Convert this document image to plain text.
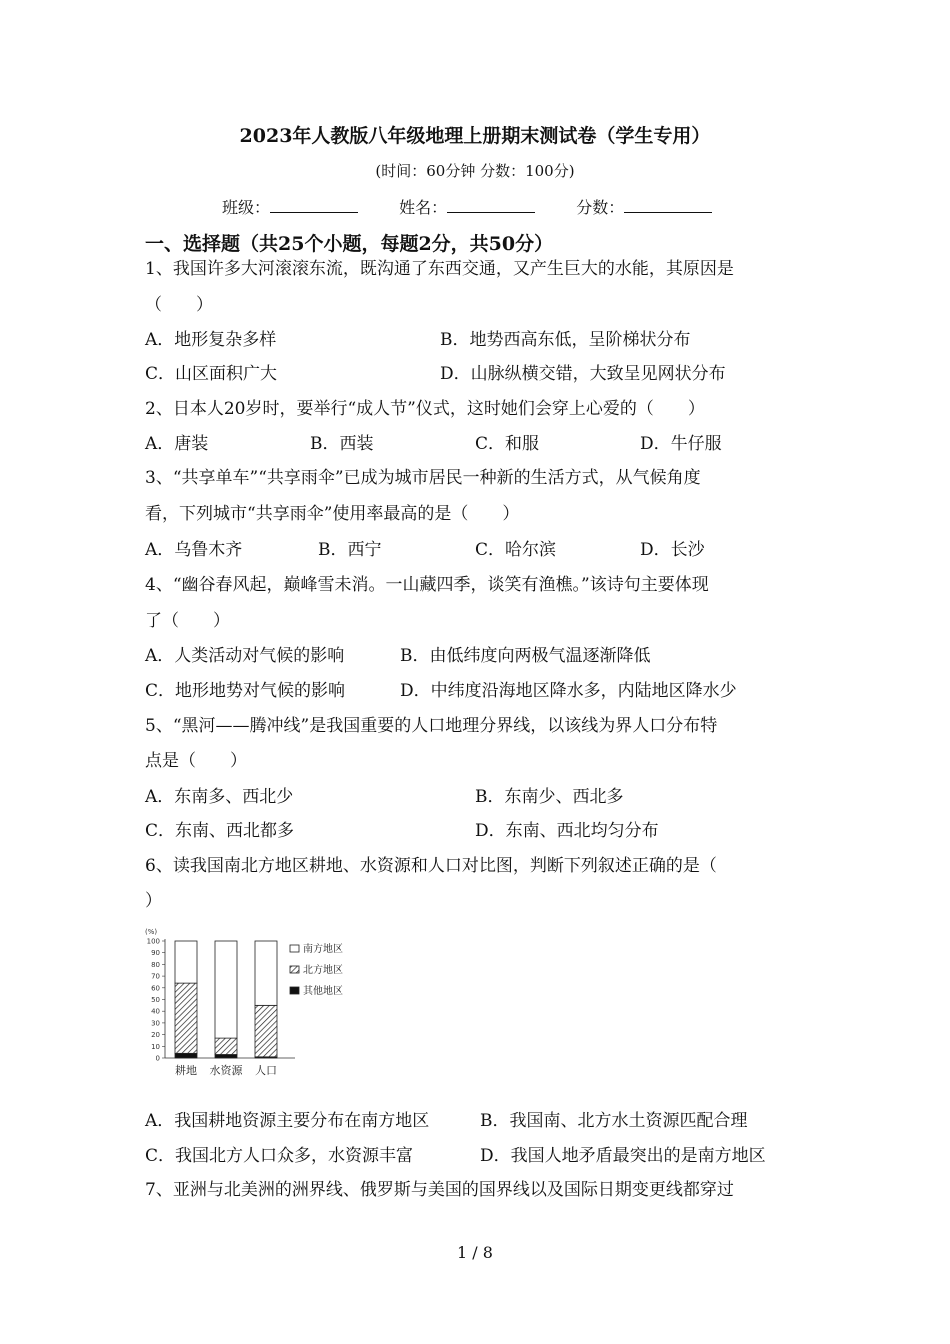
2023年人教版八年级地理上册期末测试卷（学生专用）
(时间：60分钟 分数：100分)
班级：	姓名：	分数：
一、选择题（共25个小题，每题2分，共50分）
1、我国许多大河滚滚东流，既沟通了东西交通，又产生巨大的水能，其原因是
（　　）
A．地形复杂多样	B．地势西高东低，呈阶梯状分布
C．山区面积广大	D．山脉纵横交错，大致呈见网状分布
2、日本人20岁时，要举行“成人节”仪式，这时她们会穿上心爱的（　　）
A．唐装	B．西装	C．和服	D．牛仔服
3、“共享单车”“共享雨伞”已成为城市居民一种新的生活方式，从气候角度
看，下列城市“共享雨伞”使用率最高的是（　　）
A．乌鲁木齐	B．西宁	C．哈尔滨	D．长沙
4、“幽谷春风起，巅峰雪未消。一山藏四季，谈笑有渔樵。”该诗句主要体现
了（　　）
A．人类活动对气候的影响	B．由低纬度向两极气温逐渐降低
C．地形地势对气候的影响	D．中纬度沿海地区降水多，内陆地区降水少
5、“黑河——腾冲线”是我国重要的人口地理分界线，以该线为界人口分布特
点是（　　）
A．东南多、西北少	B．东南少、西北多
C．东南、西北都多	D．东南、西北均匀分布
6、读我国南北方地区耕地、水资源和人口对比图，判断下列叙述正确的是（
）
(%)
0
10
20
30
40
50
60
70
80
90
100
耕地 水资源 人口
南方地区
北方地区
其他地区
A．我国耕地资源主要分布在南方地区	B．我国南、北方水土资源匹配合理
C．我国北方人口众多，水资源丰富	D．我国人地矛盾最突出的是南方地区
7、亚洲与北美洲的洲界线、俄罗斯与美国的国界线以及国际日期变更线都穿过
1 / 8
